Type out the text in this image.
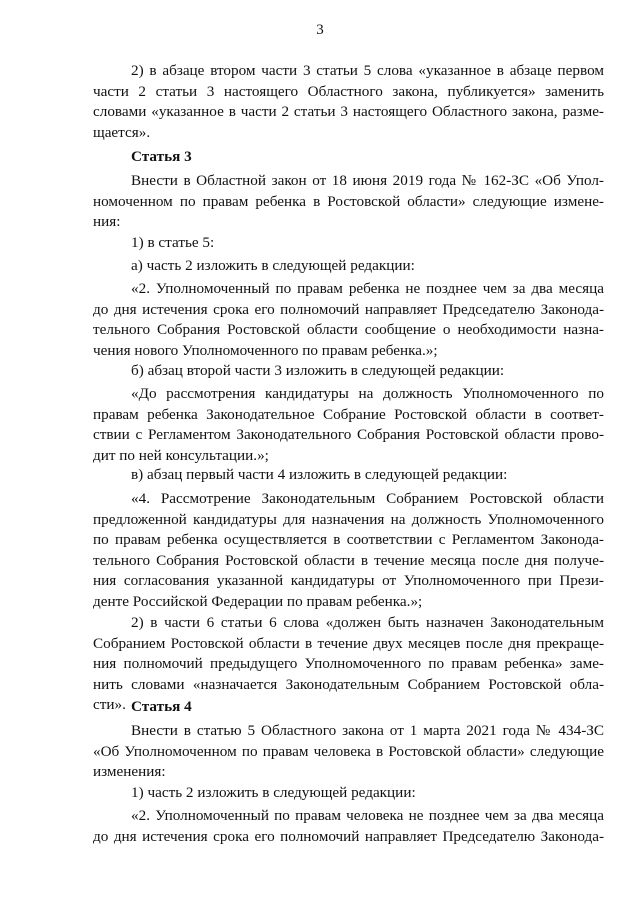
3
2) в абзаце втором части 3 статьи 5 слова «указанное в абзаце первом
части 2 статьи 3 настоящего Областного закона, публикуется» заменить
словами «указанное в части 2 статьи 3 настоящего Областного закона, разме-
щается».
Статья 3
Внести в Областной закон от 18 июня 2019 года № 162-ЗС «Об Упол-
номоченном по правам ребенка в Ростовской области» следующие измене-
ния:
1) в статье 5:
а) часть 2 изложить в следующей редакции:
«2. Уполномоченный по правам ребенка не позднее чем за два месяца
до дня истечения срока его полномочий направляет Председателю Законода-
тельного Собрания Ростовской области сообщение о необходимости назна-
чения нового Уполномоченного по правам ребенка.»;
б) абзац второй части 3 изложить в следующей редакции:
«До рассмотрения кандидатуры на должность Уполномоченного по
правам ребенка Законодательное Собрание Ростовской области в соответ-
ствии с Регламентом Законодательного Собрания Ростовской области прово-
дит по ней консультации.»;
в) абзац первый части 4 изложить в следующей редакции:
«4. Рассмотрение Законодательным Собранием Ростовской области
предложенной кандидатуры для назначения на должность Уполномоченного
по правам ребенка осуществляется в соответствии с Регламентом Законода-
тельного Собрания Ростовской области в течение месяца после дня получе-
ния согласования указанной кандидатуры от Уполномоченного при Прези-
денте Российской Федерации по правам ребенка.»;
2) в части 6 статьи 6 слова «должен быть назначен Законодательным
Собранием Ростовской области в течение двух месяцев после дня прекраще-
ния полномочий предыдущего Уполномоченного по правам ребенка» заме-
нить словами «назначается Законодательным Собранием Ростовской обла-
сти». Статья 4
Внести в статью 5 Областного закона от 1 марта 2021 года № 434-ЗС
«Об Уполномоченном по правам человека в Ростовской области» следующие
изменения:
1) часть 2 изложить в следующей редакции:
«2. Уполномоченный по правам человека не позднее чем за два месяца
до дня истечения срока его полномочий направляет Председателю Законода-
